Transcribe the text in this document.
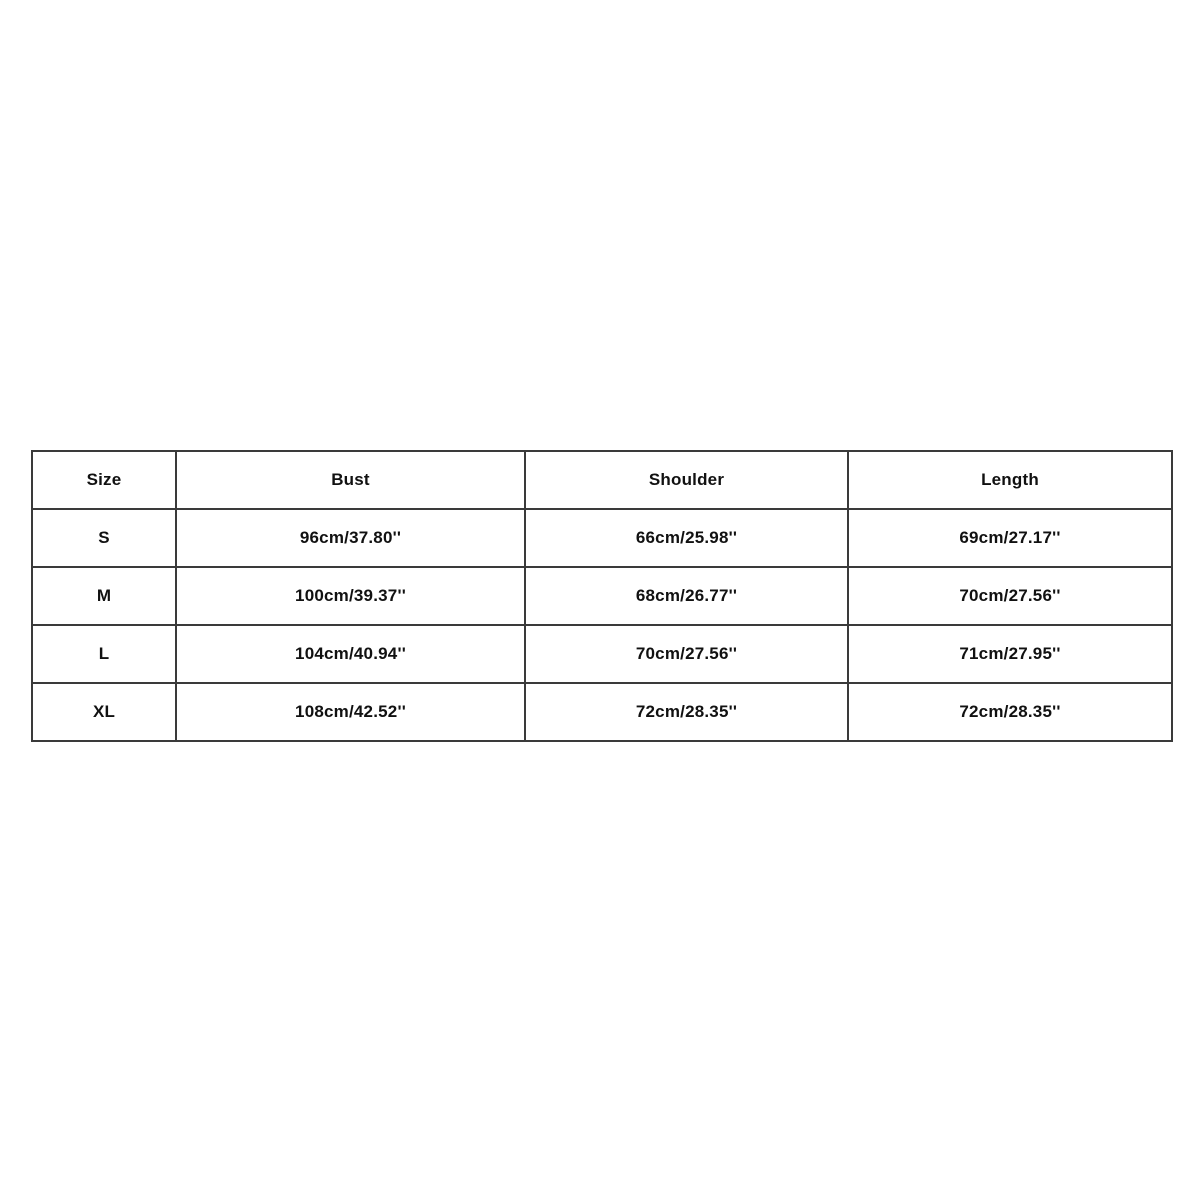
Size	Bust	Shoulder	Length
S	96cm/37.80''	66cm/25.98''	69cm/27.17''
M	100cm/39.37''	68cm/26.77''	70cm/27.56''
L	104cm/40.94''	70cm/27.56''	71cm/27.95''
XL	108cm/42.52''	72cm/28.35''	72cm/28.35''
